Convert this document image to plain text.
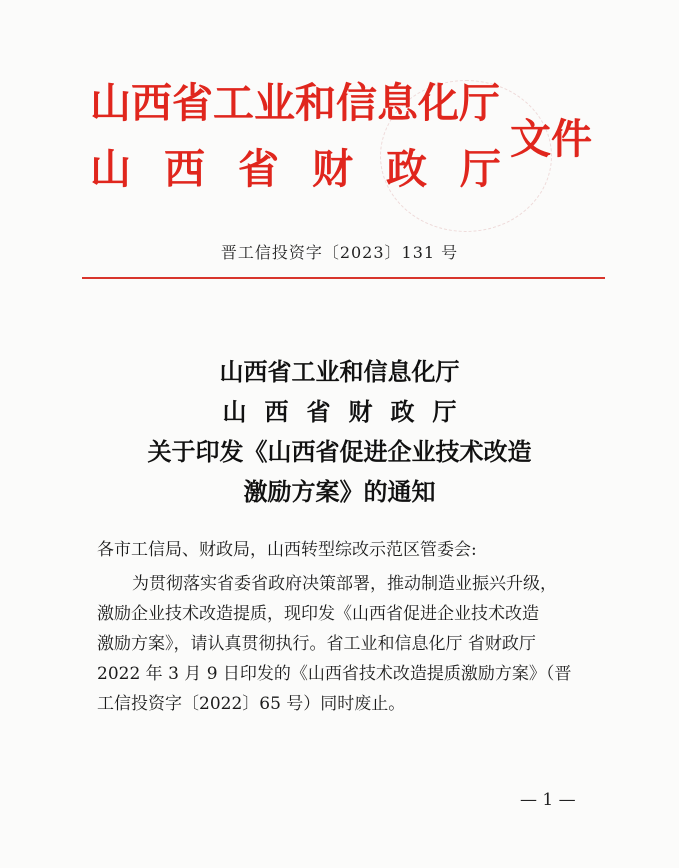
山西省工业和信息化厅
山 西 省 财 政 厅
文件
晋工信投资字〔2023〕131 号
山西省工业和信息化厅
山西省财政厅
关于印发《山西省促进企业技术改造
激励方案》的通知
各市工信局、财政局，山西转型综改示范区管委会:
为贯彻落实省委省政府决策部署，推动制造业振兴升级，
激励企业技术改造提质，现印发《山西省促进企业技术改造
激励方案》，请认真贯彻执行。省工业和信息化厅 省财政厅
2022 年 3 月 9 日印发的《山西省技术改造提质激励方案》（晋
工信投资字〔2022〕65 号）同时废止。
— 1 —
